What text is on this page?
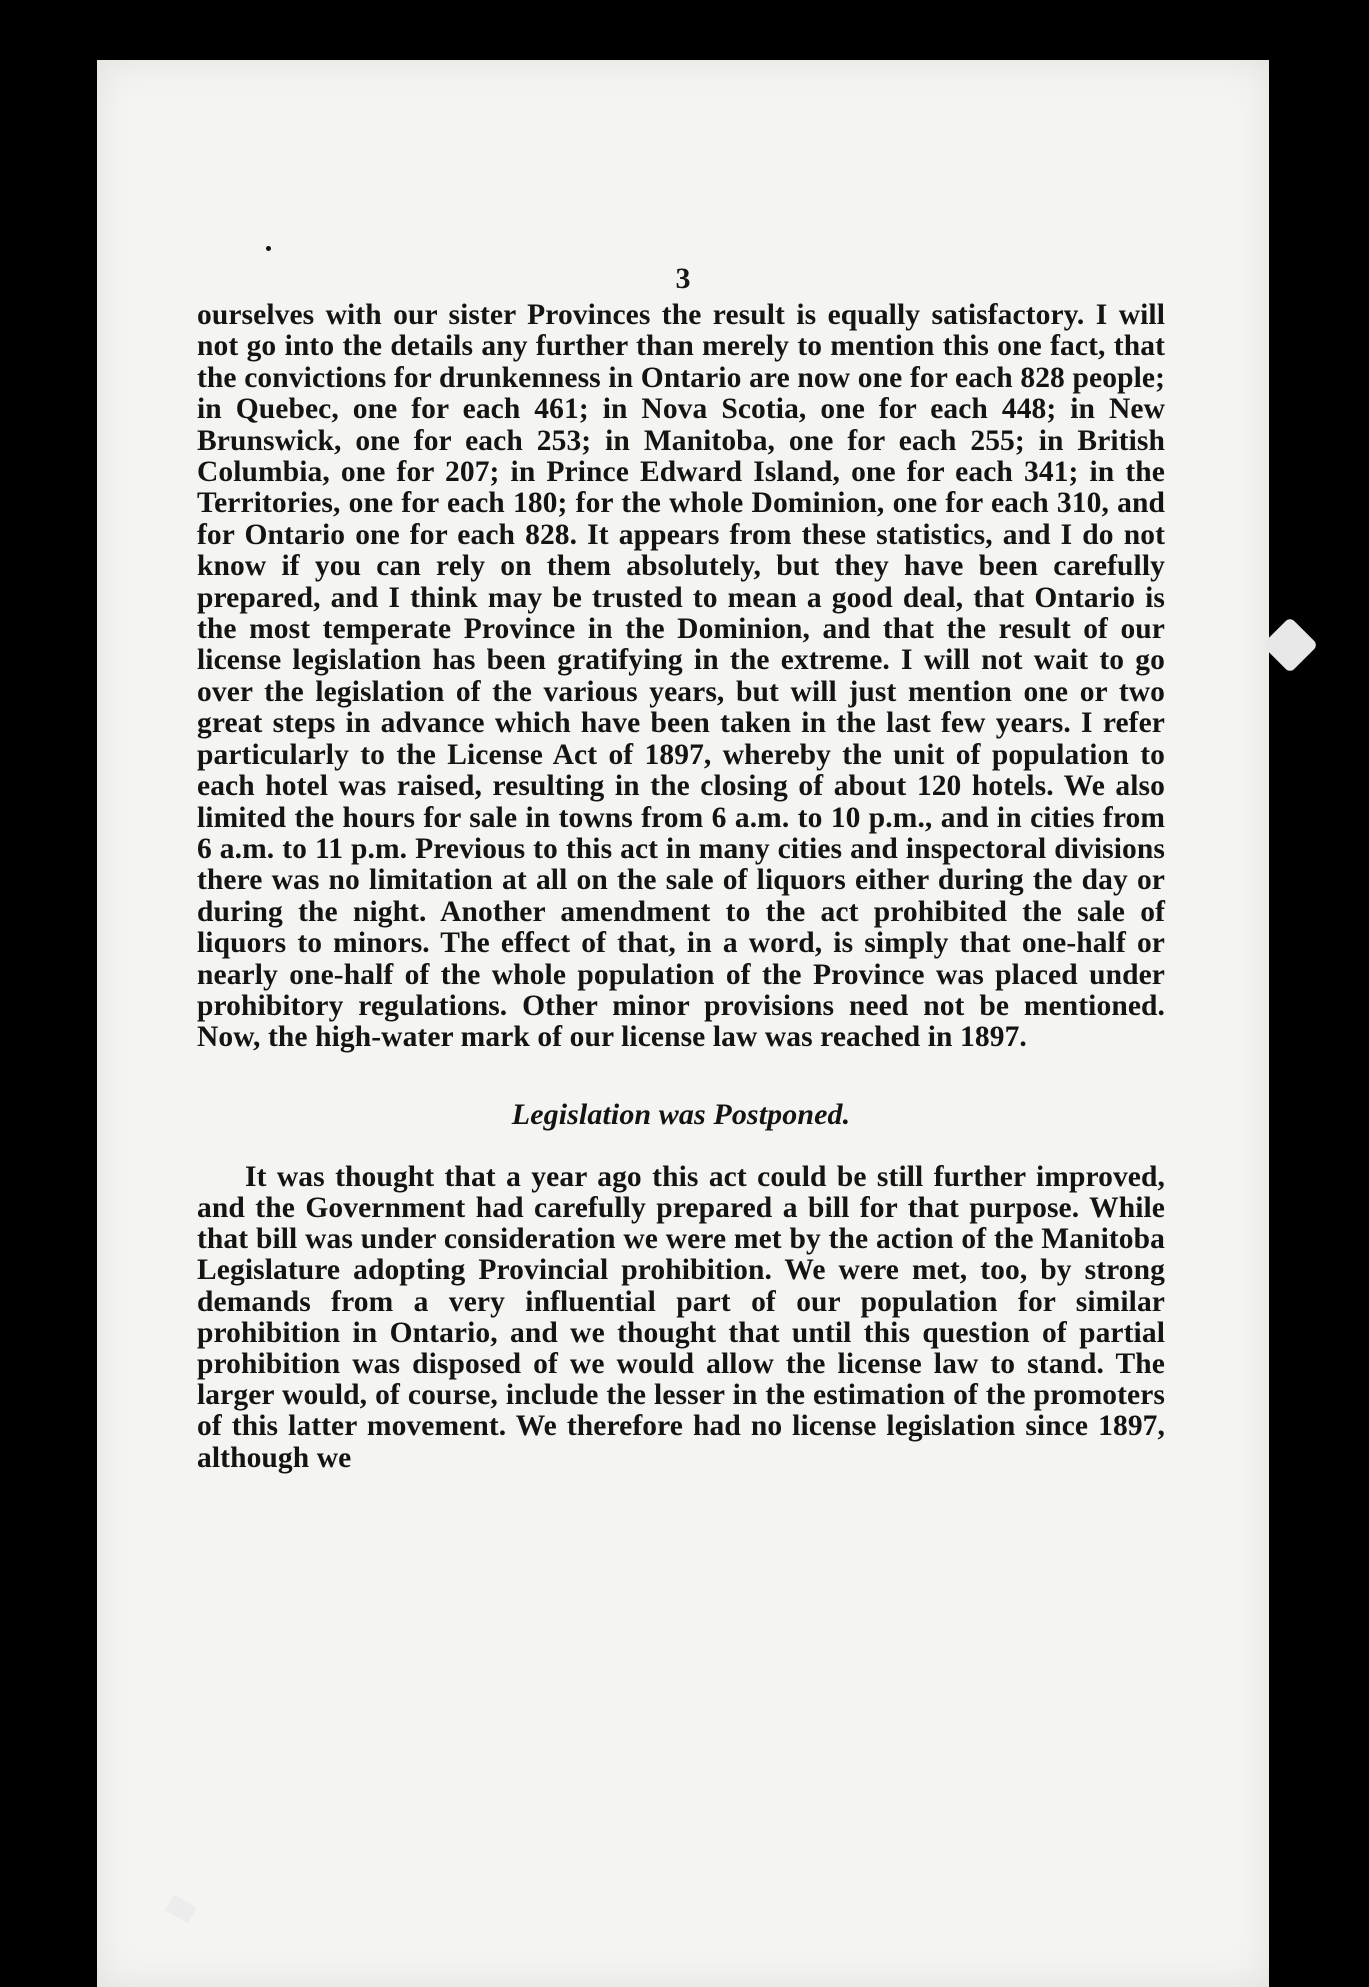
3

ourselves with our sister Provinces the result is equally satisfactory. I will not go into the details any further than merely to mention this one fact, that the convictions for drunkenness in Ontario are now one for each 828 people; in Quebec, one for each 461; in Nova Scotia, one for each 448; in New Brunswick, one for each 253; in Manitoba, one for each 255; in British Columbia, one for 207; in Prince Edward Island, one for each 341; in the Territories, one for each 180; for the whole Dominion, one for each 310, and for Ontario one for each 828. It appears from these statistics, and I do not know if you can rely on them absolutely, but they have been carefully prepared, and I think may be trusted to mean a good deal, that Ontario is the most temperate Province in the Dominion, and that the result of our license legislation has been gratifying in the extreme. I will not wait to go over the legislation of the various years, but will just mention one or two great steps in advance which have been taken in the last few years. I refer particularly to the License Act of 1897, whereby the unit of population to each hotel was raised, resulting in the closing of about 120 hotels. We also limited the hours for sale in towns from 6 a.m. to 10 p.m., and in cities from 6 a.m. to 11 p.m. Previous to this act in many cities and inspectoral divisions there was no limitation at all on the sale of liquors either during the day or during the night. Another amendment to the act prohibited the sale of liquors to minors. The effect of that, in a word, is simply that one-half or nearly one-half of the whole population of the Province was placed under prohibitory regulations. Other minor provisions need not be mentioned. Now, the high-water mark of our license law was reached in 1897.

Legislation was Postponed.

It was thought that a year ago this act could be still further improved, and the Government had carefully prepared a bill for that purpose. While that bill was under consideration we were met by the action of the Manitoba Legislature adopting Provincial prohibition. We were met, too, by strong demands from a very influential part of our population for similar prohibition in Ontario, and we thought that until this question of partial prohibition was disposed of we would allow the license law to stand. The larger would, of course, include the lesser in the estimation of the promoters of this latter movement. We therefore had no license legislation since 1897, although we
